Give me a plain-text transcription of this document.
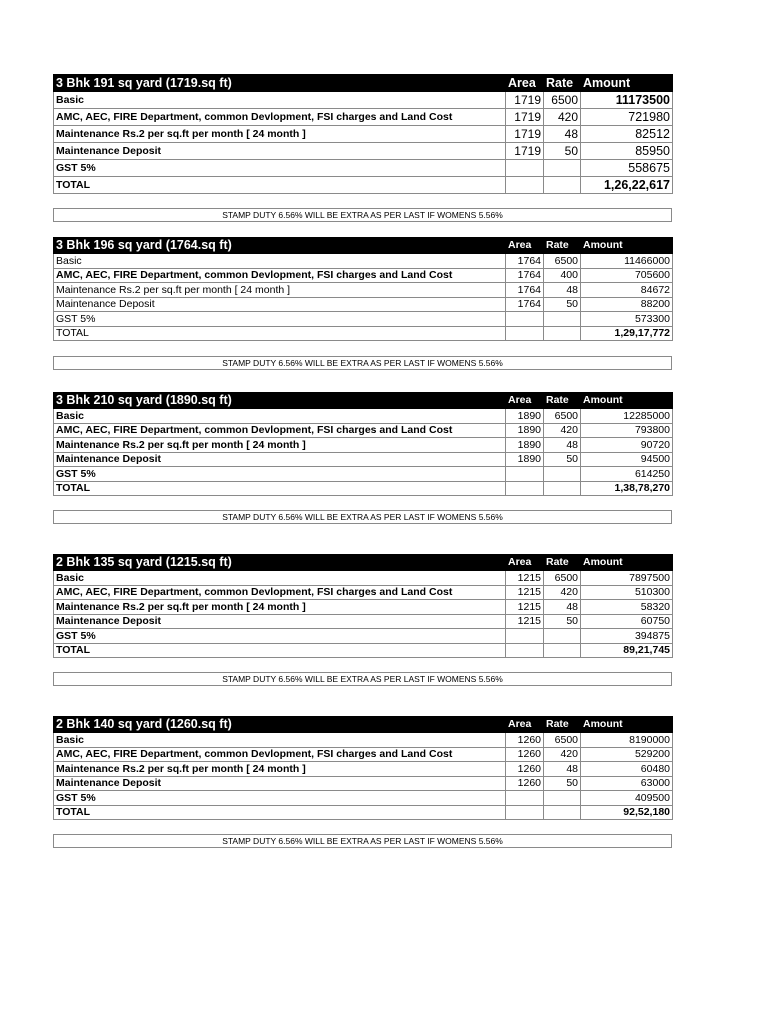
3 Bhk 191 sq yard (1719.sq ft)	Area	Rate	Amount
Basic	1719	6500	11173500
AMC, AEC, FIRE Department, common Devlopment, FSI charges and Land Cost	1719	420	721980
Maintenance Rs.2 per sq.ft per month [ 24 month ]	1719	48	82512
Maintenance Deposit	1719	50	85950
GST 5%			558675
TOTAL			1,26,22,617
STAMP DUTY 6.56% WILL BE EXTRA AS PER LAST IF WOMENS 5.56%
3 Bhk 196 sq yard (1764.sq ft)	Area	Rate	Amount
Basic	1764	6500	11466000
AMC, AEC, FIRE Department, common Devlopment, FSI charges and Land Cost	1764	400	705600
Maintenance Rs.2 per sq.ft per month [ 24 month ]	1764	48	84672
Maintenance Deposit	1764	50	88200
GST 5%			573300
TOTAL			1,29,17,772
STAMP DUTY 6.56% WILL BE EXTRA AS PER LAST IF WOMENS 5.56%
3 Bhk 210 sq yard (1890.sq ft)	Area	Rate	Amount
Basic	1890	6500	12285000
AMC, AEC, FIRE Department, common Devlopment, FSI charges and Land Cost	1890	420	793800
Maintenance Rs.2 per sq.ft per month [ 24 month ]	1890	48	90720
Maintenance Deposit	1890	50	94500
GST 5%			614250
TOTAL			1,38,78,270
STAMP DUTY 6.56% WILL BE EXTRA AS PER LAST IF WOMENS 5.56%
2 Bhk 135 sq yard (1215.sq ft)	Area	Rate	Amount
Basic	1215	6500	7897500
AMC, AEC, FIRE Department, common Devlopment, FSI charges and Land Cost	1215	420	510300
Maintenance Rs.2 per sq.ft per month [ 24 month ]	1215	48	58320
Maintenance Deposit	1215	50	60750
GST 5%			394875
TOTAL			89,21,745
STAMP DUTY 6.56% WILL BE EXTRA AS PER LAST IF WOMENS 5.56%
2 Bhk 140 sq yard (1260.sq ft)	Area	Rate	Amount
Basic	1260	6500	8190000
AMC, AEC, FIRE Department, common Devlopment, FSI charges and Land Cost	1260	420	529200
Maintenance Rs.2 per sq.ft per month [ 24 month ]	1260	48	60480
Maintenance Deposit	1260	50	63000
GST 5%			409500
TOTAL			92,52,180
STAMP DUTY 6.56% WILL BE EXTRA AS PER LAST IF WOMENS 5.56%
